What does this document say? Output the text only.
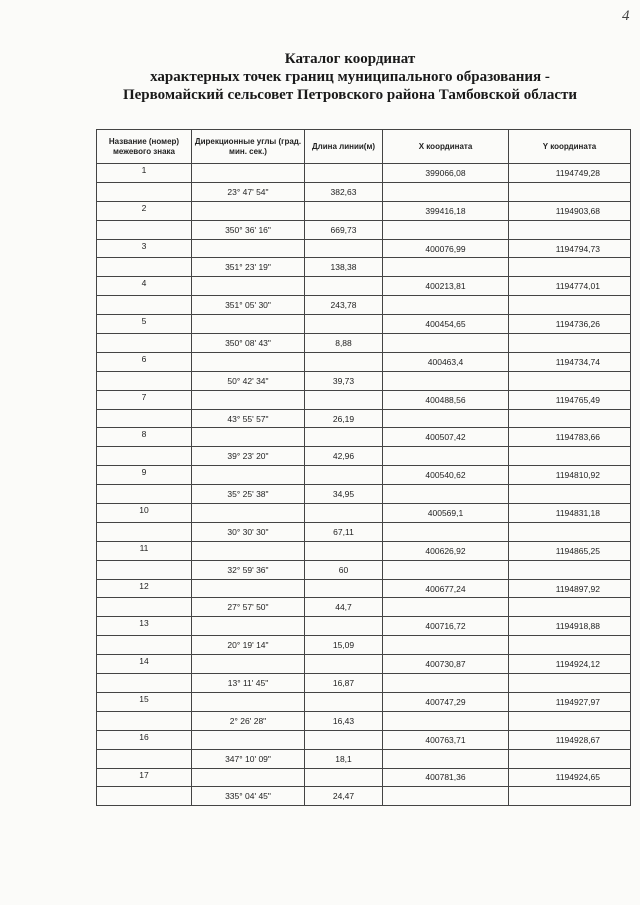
4
Каталог координат
характерных точек границ муниципального образования -
Первомайский сельсовет Петровского района Тамбовской области
Название (номер) межевого знака	Дирекционные углы (град. мин. сек.)	Длина линии(м)	X координата	Y координата
1			399066,08	1194749,28
	23° 47' 54"	382,63		
2			399416,18	1194903,68
	350° 36' 16"	669,73		
3			400076,99	1194794,73
	351° 23' 19"	138,38		
4			400213,81	1194774,01
	351° 05' 30"	243,78		
5			400454,65	1194736,26
	350° 08' 43"	8,88		
6			400463,4	1194734,74
	50° 42' 34"	39,73		
7			400488,56	1194765,49
	43° 55' 57"	26,19		
8			400507,42	1194783,66
	39° 23' 20"	42,96		
9			400540,62	1194810,92
	35° 25' 38"	34,95		
10			400569,1	1194831,18
	30° 30' 30"	67,11		
11			400626,92	1194865,25
	32° 59' 36"	60		
12			400677,24	1194897,92
	27° 57' 50"	44,7		
13			400716,72	1194918,88
	20° 19' 14"	15,09		
14			400730,87	1194924,12
	13° 11' 45"	16,87		
15			400747,29	1194927,97
	2° 26' 28"	16,43		
16			400763,71	1194928,67
	347° 10' 09"	18,1		
17			400781,36	1194924,65
	335° 04' 45"	24,47		
